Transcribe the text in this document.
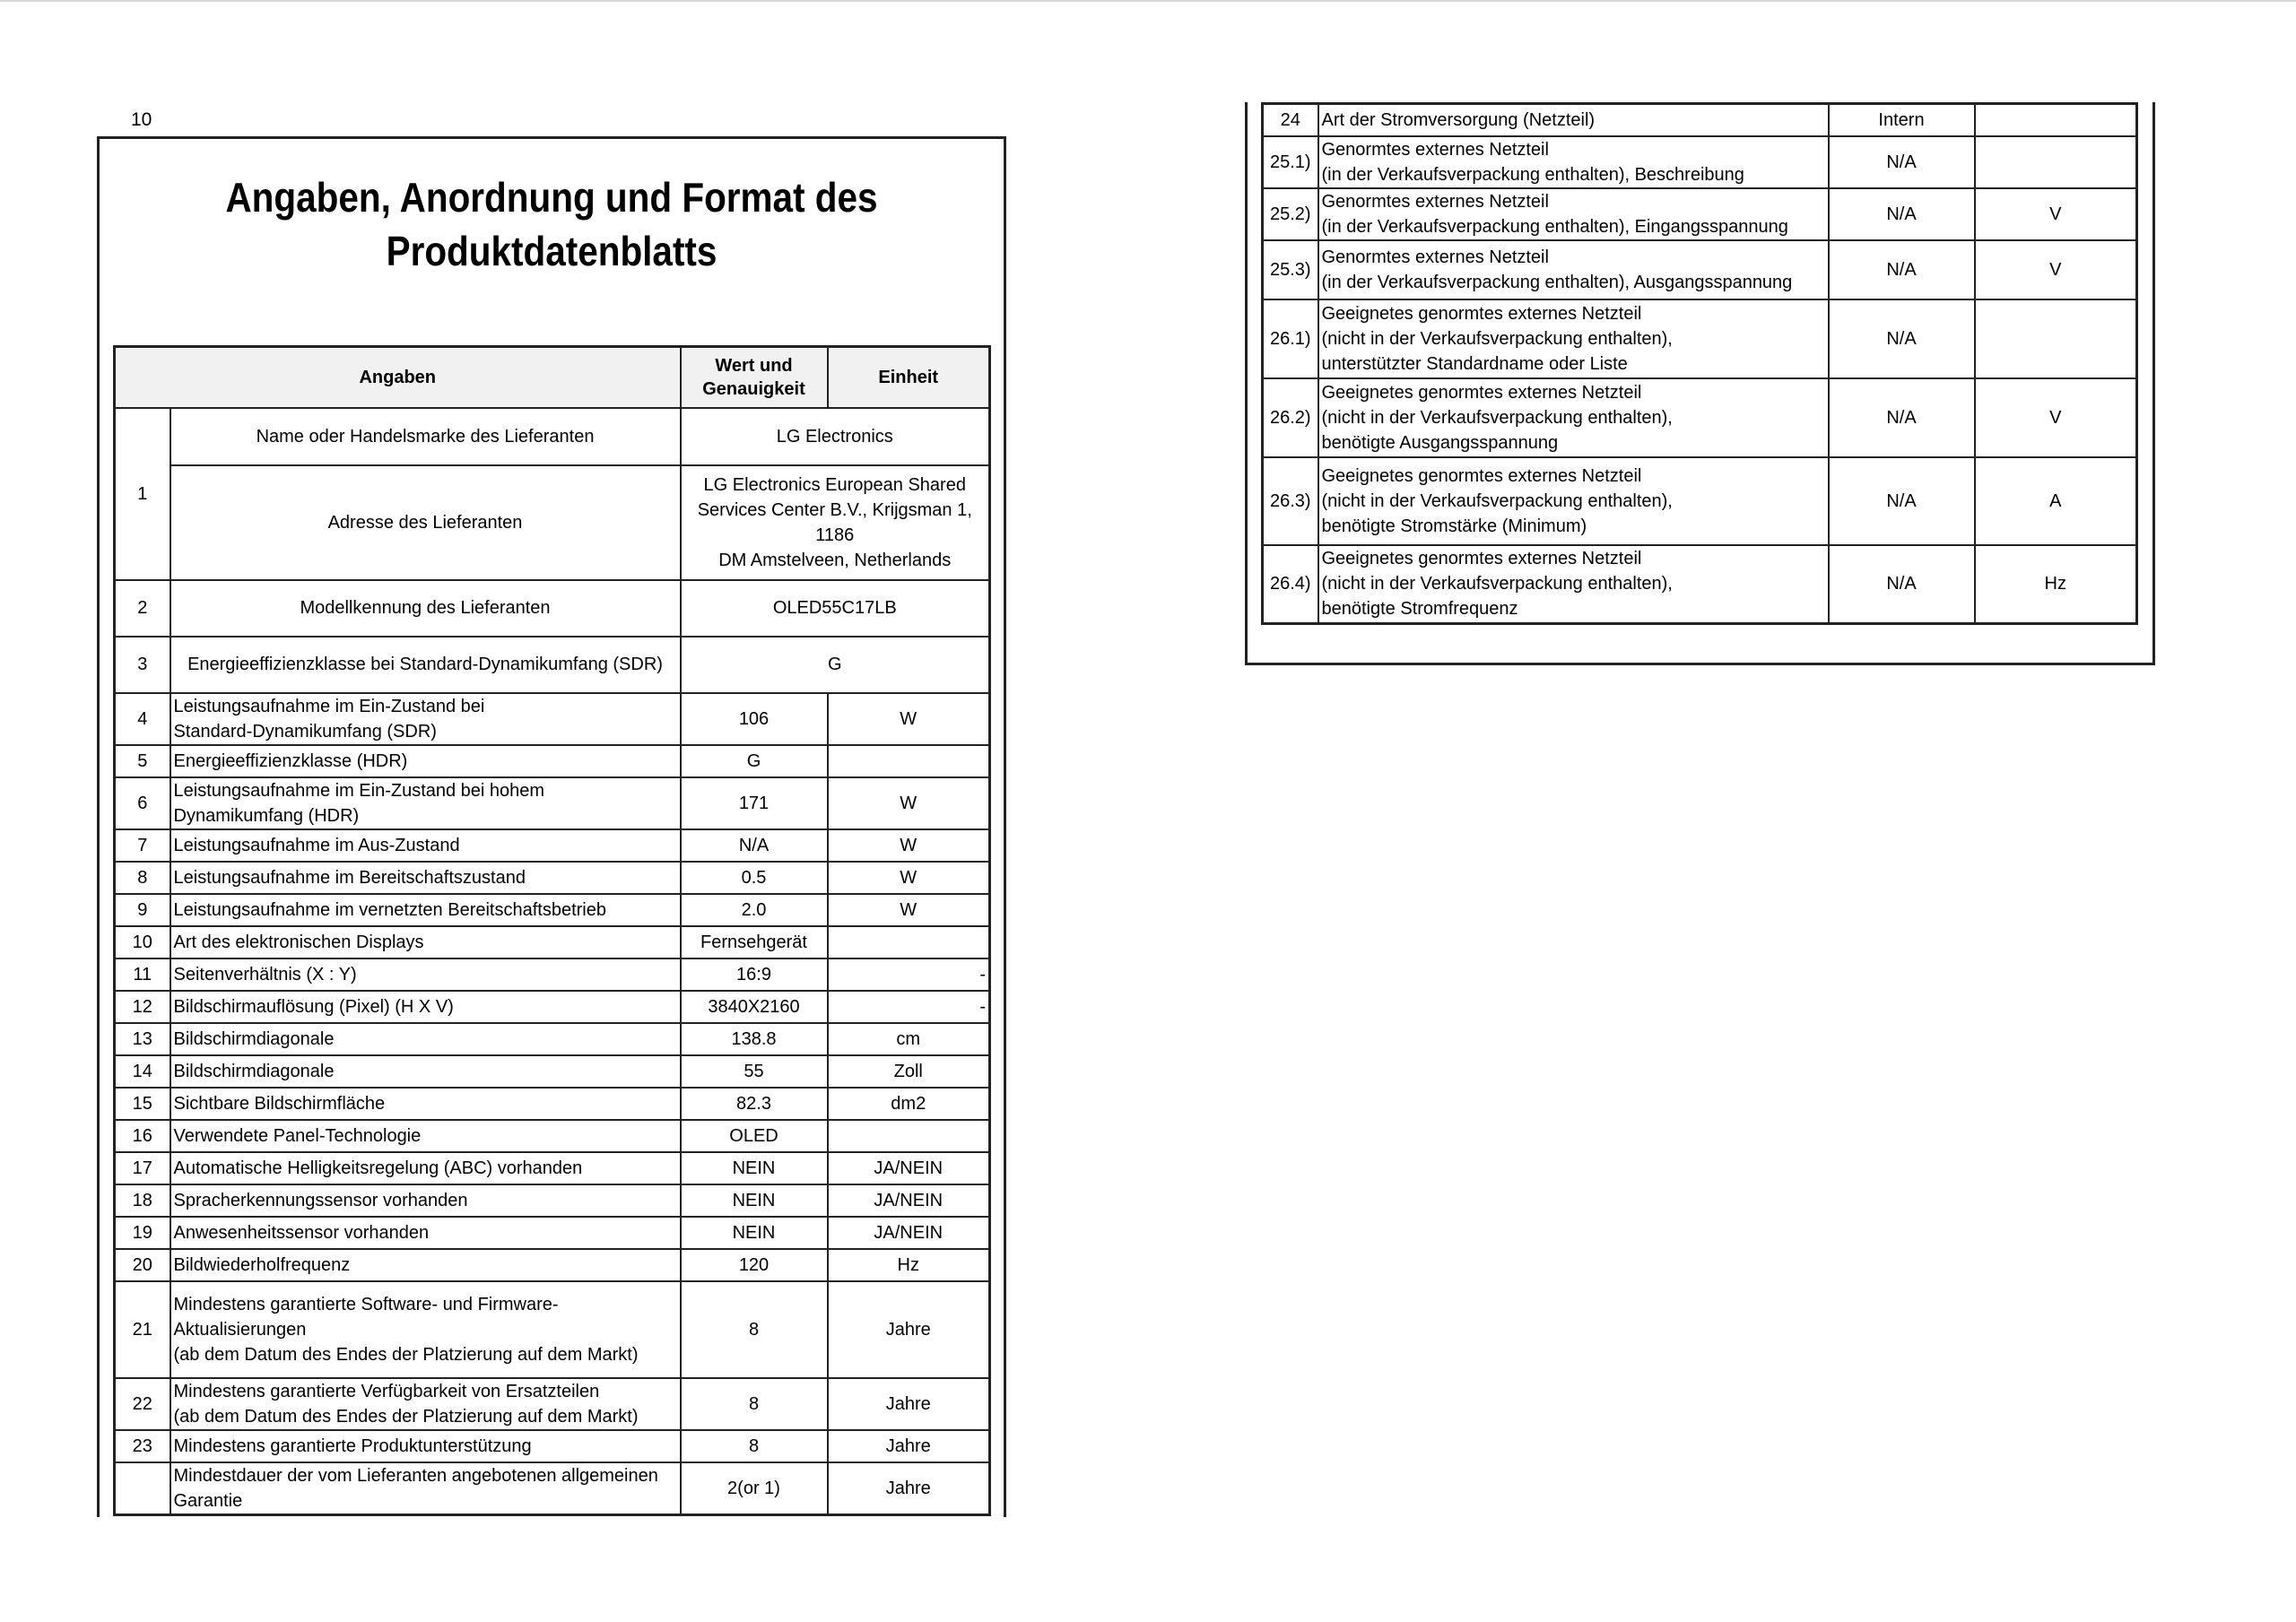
10
Angaben, Anordnung und Format des
Produktdatenblatts
Angaben		Wert und Genauigkeit	Einheit
1	Name oder Handelsmarke des Lieferanten	LG Electronics	
	Adresse des Lieferanten	LG Electronics European Shared
Services Center B.V., Krijgsman 1, 1186
DM Amstelveen, Netherlands	

2	Modellkennung des Lieferanten	OLED55C17LB	
3	Energieeffizienzklasse bei Standard-Dynamikumfang (SDR)	G	
4	Leistungsaufnahme im Ein-Zustand bei
Standard-Dynamikumfang (SDR)	106	W
5	Energieeffizienzklasse (HDR)	G	
6	Leistungsaufnahme im Ein-Zustand bei hohem
Dynamikumfang (HDR)	171	W
7	Leistungsaufnahme im Aus-Zustand	N/A	W
8	Leistungsaufnahme im Bereitschaftszustand	0.5	W
9	Leistungsaufnahme im vernetzten Bereitschaftsbetrieb	2.0	W
10	Art des elektronischen Displays	Fernsehgerät	
11	Seitenverhältnis (X : Y)	16:9	-
12	Bildschirmauflösung (Pixel) (H X V)	3840X2160	-
13	Bildschirmdiagonale	138.8	cm
14	Bildschirmdiagonale	55	Zoll
15	Sichtbare Bildschirmfläche	82.3	dm2
16	Verwendete Panel-Technologie	OLED	
17	Automatische Helligkeitsregelung (ABC) vorhanden	NEIN	JA/NEIN
18	Spracherkennungssensor vorhanden	NEIN	JA/NEIN
19	Anwesenheitssensor vorhanden	NEIN	JA/NEIN
20	Bildwiederholfrequenz	120	Hz
21	Mindestens garantierte Software- und Firmware-Aktualisierungen
(ab dem Datum des Endes der Platzierung auf dem Markt)	8	Jahre
22	Mindestens garantierte Verfügbarkeit von Ersatzteilen
(ab dem Datum des Endes der Platzierung auf dem Markt)	8	Jahre
23	Mindestens garantierte Produktunterstützung	8	Jahre

	Mindestdauer der vom Lieferanten angebotenen allgemeinen
Garantie	2(or 1)	Jahre
24	Art der Stromversorgung (Netzteil)	Intern	
25.1)	Genormtes externes Netzteil
(in der Verkaufsverpackung enthalten), Beschreibung	N/A	
25.2)	Genormtes externes Netzteil
(in der Verkaufsverpackung enthalten), Eingangsspannung	N/A	V
25.3)	Genormtes externes Netzteil
(in der Verkaufsverpackung enthalten), Ausgangsspannung	N/A	V
26.1)	Geeignetes genormtes externes Netzteil
(nicht in der Verkaufsverpackung enthalten),
unterstützter Standardname oder Liste	N/A	
26.2)	Geeignetes genormtes externes Netzteil
(nicht in der Verkaufsverpackung enthalten),
benötigte Ausgangsspannung	N/A	V
26.3)	Geeignetes genormtes externes Netzteil
(nicht in der Verkaufsverpackung enthalten),
benötigte Stromstärke (Minimum)	N/A	A
26.4)	Geeignetes genormtes externes Netzteil
(nicht in der Verkaufsverpackung enthalten),
benötigte Stromfrequenz	N/A	Hz
